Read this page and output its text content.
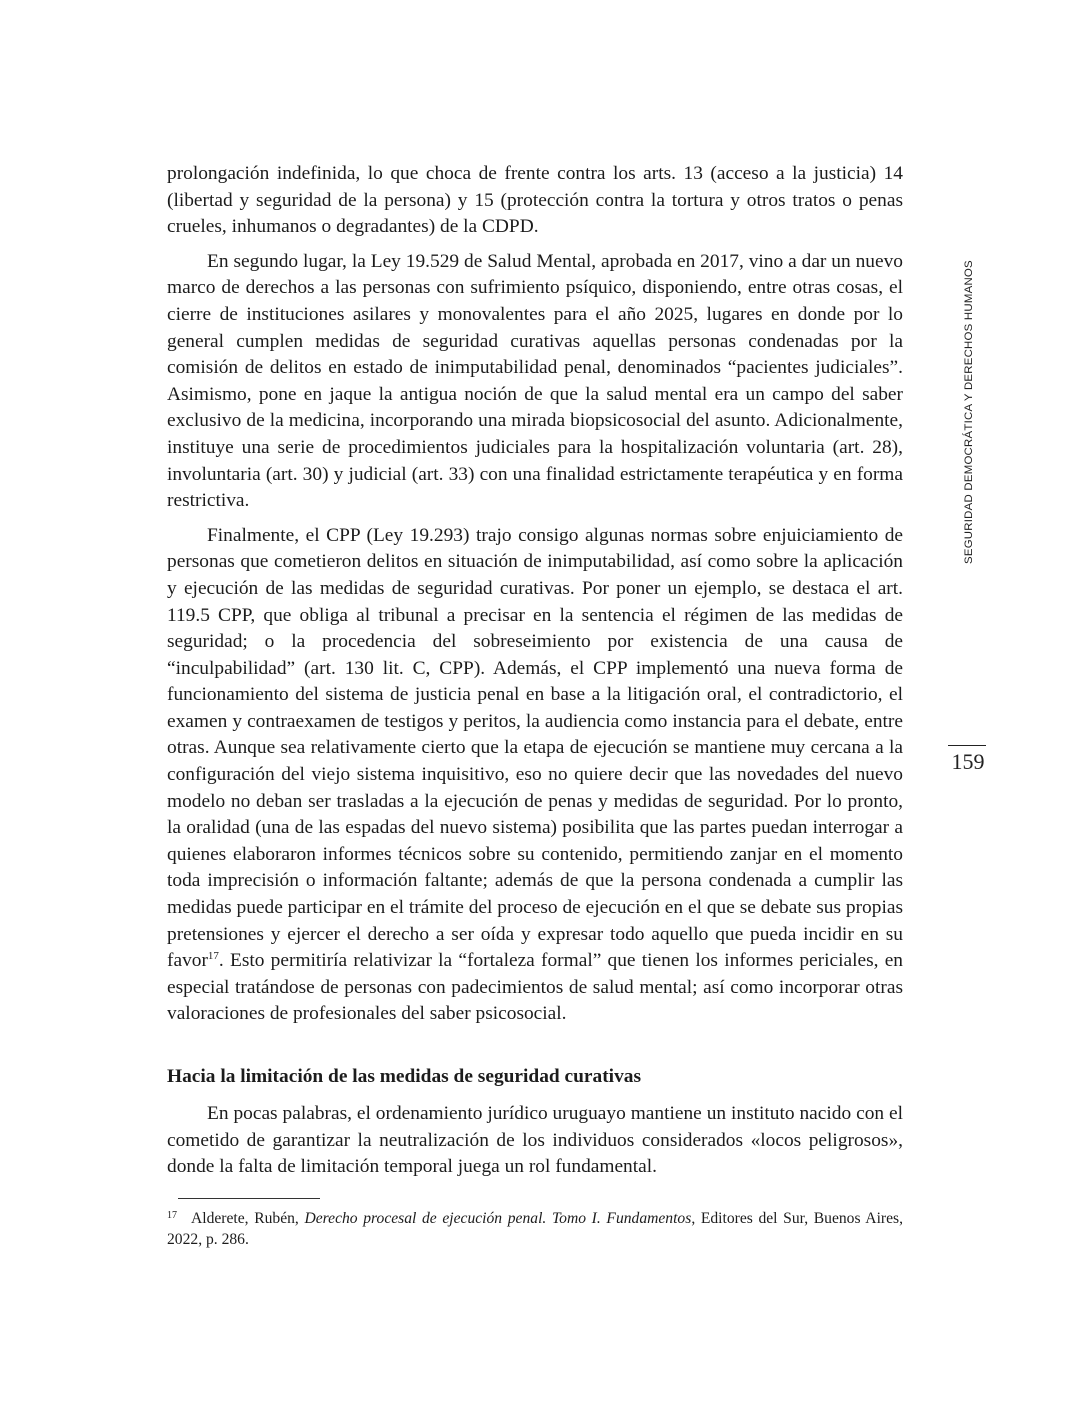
SEGURIDAD DEMOCRÁTICA Y DERECHOS HUMANOS
159

prolongación indefinida, lo que choca de frente contra los arts. 13 (acceso a la justicia) 14 (libertad y seguridad de la persona) y 15 (protección contra la tortura y otros tratos o penas crueles, inhumanos o degradantes) de la CDPD.

En segundo lugar, la Ley 19.529 de Salud Mental, aprobada en 2017, vino a dar un nuevo marco de derechos a las personas con sufrimiento psíquico, disponiendo, entre otras cosas, el cierre de instituciones asilares y monovalentes para el año 2025, lugares en donde por lo general cumplen medidas de seguridad curativas aquellas personas condenadas por la comisión de delitos en estado de inimputabilidad penal, denominados “pacientes judiciales”. Asimismo, pone en jaque la antigua noción de que la salud mental era un campo del saber exclusivo de la medicina, incorporando una mirada biopsicosocial del asunto. Adicionalmente, instituye una serie de procedimientos judiciales para la hospitalización voluntaria (art. 28), involuntaria (art. 30) y judicial (art. 33) con una finalidad estrictamente terapéutica y en forma restrictiva.

Finalmente, el CPP (Ley 19.293) trajo consigo algunas normas sobre enjuiciamiento de personas que cometieron delitos en situación de inimputabilidad, así como sobre la aplicación y ejecución de las medidas de seguridad curativas. Por poner un ejemplo, se destaca el art. 119.5 CPP, que obliga al tribunal a precisar en la sentencia el régimen de las medidas de seguridad; o la procedencia del sobreseimiento por existencia de una causa de “inculpabilidad” (art. 130 lit. C, CPP). Además, el CPP implementó una nueva forma de funcionamiento del sistema de justicia penal en base a la litigación oral, el contradictorio, el examen y contraexamen de testigos y peritos, la audiencia como instancia para el debate, entre otras. Aunque sea relativamente cierto que la etapa de ejecución se mantiene muy cercana a la configuración del viejo sistema inquisitivo, eso no quiere decir que las novedades del nuevo modelo no deban ser trasladas a la ejecución de penas y medidas de seguridad. Por lo pronto, la oralidad (una de las espadas del nuevo sistema) posibilita que las partes puedan interrogar a quienes elaboraron informes técnicos sobre su contenido, permitiendo zanjar en el momento toda imprecisión o información faltante; además de que la persona condenada a cumplir las medidas puede participar en el trámite del proceso de ejecución en el que se debate sus propias pretensiones y ejercer el derecho a ser oída y expresar todo aquello que pueda incidir en su favor$^{17}$. Esto permitiría relativizar la “fortaleza formal” que tienen los informes periciales, en especial tratándose de personas con padecimientos de salud mental; así como incorporar otras valoraciones de profesionales del saber psicosocial.

Hacia la limitación de las medidas de seguridad curativas

En pocas palabras, el ordenamiento jurídico uruguayo mantiene un instituto nacido con el cometido de garantizar la neutralización de los individuos considerados «locos peligrosos», donde la falta de limitación temporal juega un rol fundamental.

$^{17}$ Alderete, Rubén, Derecho procesal de ejecución penal. Tomo I. Fundamentos, Editores del Sur, Buenos Aires, 2022, p. 286.
